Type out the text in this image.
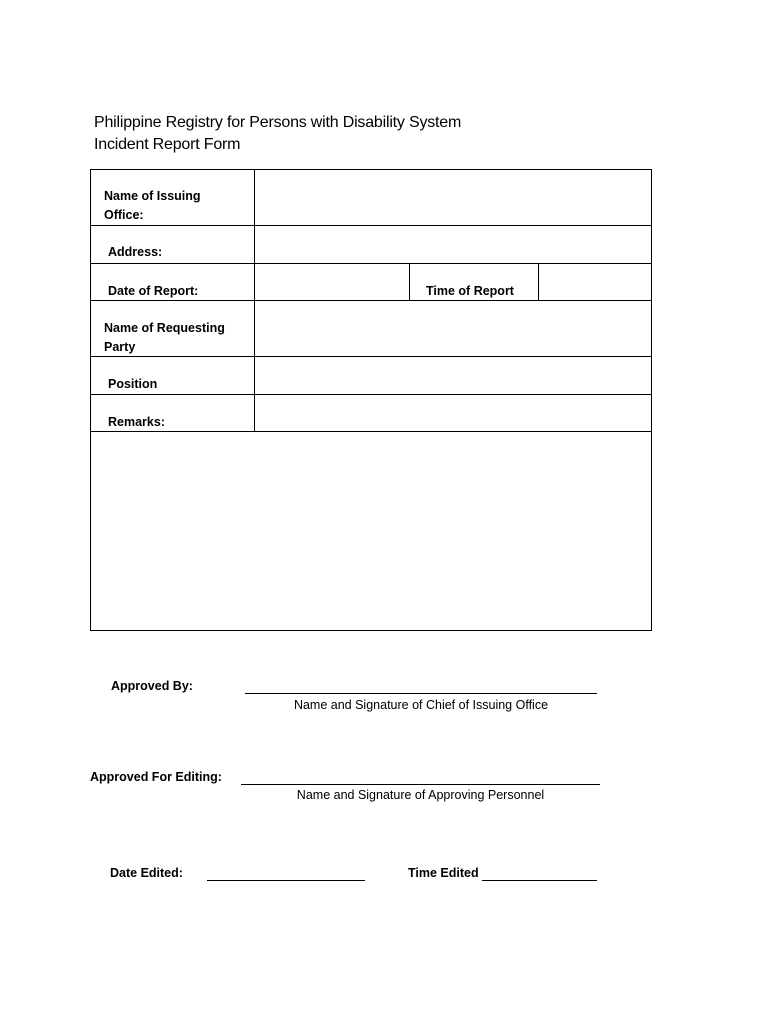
Philippine Registry for Persons with Disability System
Incident Report Form
Name of Issuing Office:
Address:
Date of Report:	Time of Report
Name of Requesting Party
Position
Remarks:
Approved By:
Name and Signature of Chief of Issuing Office
Approved For Editing:
Name and Signature of Approving Personnel
Date Edited:	Time Edited
